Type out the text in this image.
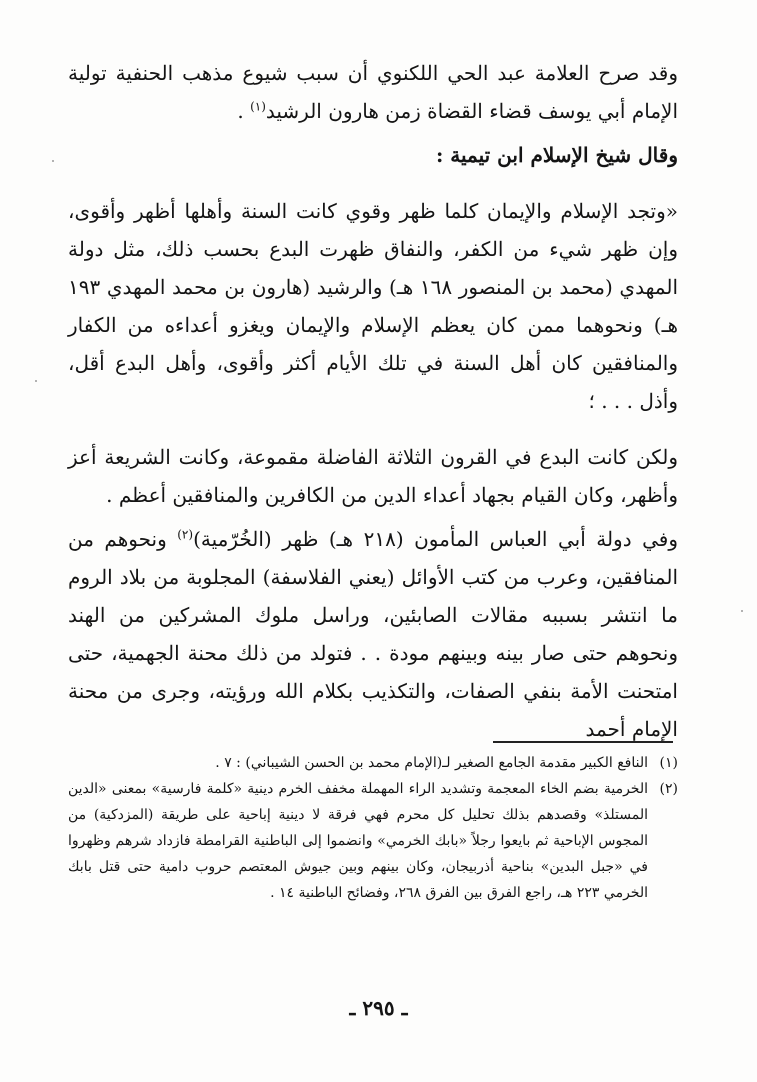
وقد صرح العلامة عبد الحي اللكنوي أن سبب شيوع مذهب الحنفية تولية الإمام أبي يوسف قضاء القضاة زمن هارون الرشيد$^{(١)}$ .

وقال شيخ الإسلام ابن تيمية :

«وتجد الإسلام والإيمان كلما ظهر وقوي كانت السنة وأهلها أظهر وأقوى، وإن ظهر شيء من الكفر، والنفاق ظهرت البدع بحسب ذلك، مثل دولة المهدي (محمد بن المنصور ١٦٨ هـ) والرشيد (هارون بن محمد المهدي ١٩٣ هـ) ونحوهما ممن كان يعظم الإسلام والإيمان ويغزو أعداءه من الكفار والمنافقين كان أهل السنة في تلك الأيام أكثر وأقوى، وأهل البدع أقل، وأذل . . . ؛

ولكن كانت البدع في القرون الثلاثة الفاضلة مقموعة، وكانت الشريعة أعز وأظهر، وكان القيام بجهاد أعداء الدين من الكافرين والمنافقين أعظم .

وفي دولة أبي العباس المأمون (٢١٨ هـ) ظهر (الخُرّمية)$^{(٢)}$ ونحوهم من المنافقين، وعرب من كتب الأوائل (يعني الفلاسفة) المجلوبة من بلاد الروم ما انتشر بسببه مقالات الصابئين، وراسل ملوك المشركين من الهند ونحوهم حتى صار بينه وبينهم مودة . . فتولد من ذلك محنة الجهمية، حتى امتحنت الأمة بنفي الصفات، والتكذيب بكلام الله ورؤيته، وجرى من محنة الإمام أحمد

(١)
النافع الكبير مقدمة الجامع الصغير لـ(الإمام محمد بن الحسن الشيباني) : ٧ .

(٢)
الخرمية بضم الخاء المعجمة وتشديد الراء المهملة مخفف الخرم دينية «كلمة فارسية» بمعنى «الدين المستلذ» وقصدهم بذلك تحليل كل محرم فهي فرقة لا دينية إباحية على طريقة (المزدكية) من المجوس الإباحية ثم بايعوا رجلاً «بابك الخرمي» وانضموا إلى الباطنية القرامطة فازداد شرهم وظهروا في «جبل البدين» بناحية أذربيجان، وكان بينهم وبين جيوش المعتصم حروب دامية حتى قتل بابك الخرمي ٢٢٣ هـ، راجع الفرق بين الفرق ٢٦٨، وفضائح الباطنية ١٤ .

ـ ٢٩٥ ـ
